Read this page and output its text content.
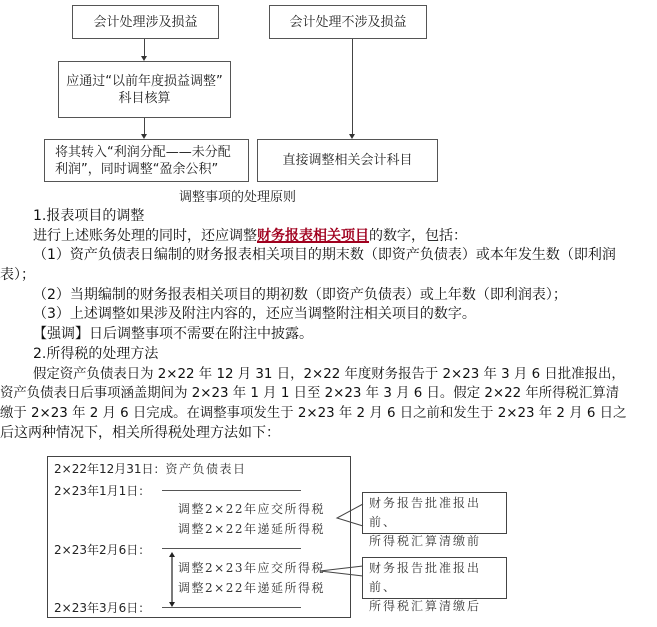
会计处理涉及损益
应通过“以前年度损益调整”
科目核算
将其转入“利润分配——未分配
利润”，同时调整“盈余公积”
会计处理不涉及损益
直接调整相关会计科目
调整事项的处理原则
1.报表项目的调整
进行上述账务处理的同时，还应调整财务报表相关项目的数字，包括：
（1）资产负债表日编制的财务报表相关项目的期末数（即资产负债表）或本年发生数（即利润
表）；
（2）当期编制的财务报表相关项目的期初数（即资产负债表）或上年数（即利润表）；
（3）上述调整如果涉及附注内容的，还应当调整附注相关项目的数字。
【强调】日后调整事项不需要在附注中披露。
2.所得税的处理方法
假定资产负债表日为 2×22 年 12 月 31 日，2×22 年度财务报告于 2×23 年 3 月 6 日批准报出，
资产负债表日后事项涵盖期间为 2×23 年 1 月 1 日至 2×23 年 3 月 6 日。假定 2×22 年所得税汇算清
缴于 2×23 年 2 月 6 日完成。在调整事项发生于 2×23 年 2 月 6 日之前和发生于 2×23 年 2 月 6 日之
后这两种情况下，相关所得税处理方法如下：
2×22年12月31日：资产负债表日
2×23年1月1日：
调整2×22年应交所得税
调整2×22年递延所得税
2×23年2月6日：
调整2×23年应交所得税
调整2×22年递延所得税
2×23年3月6日：
财务报告批准报出前、
所得税汇算清缴前
财务报告批准报出前、
所得税汇算清缴后
